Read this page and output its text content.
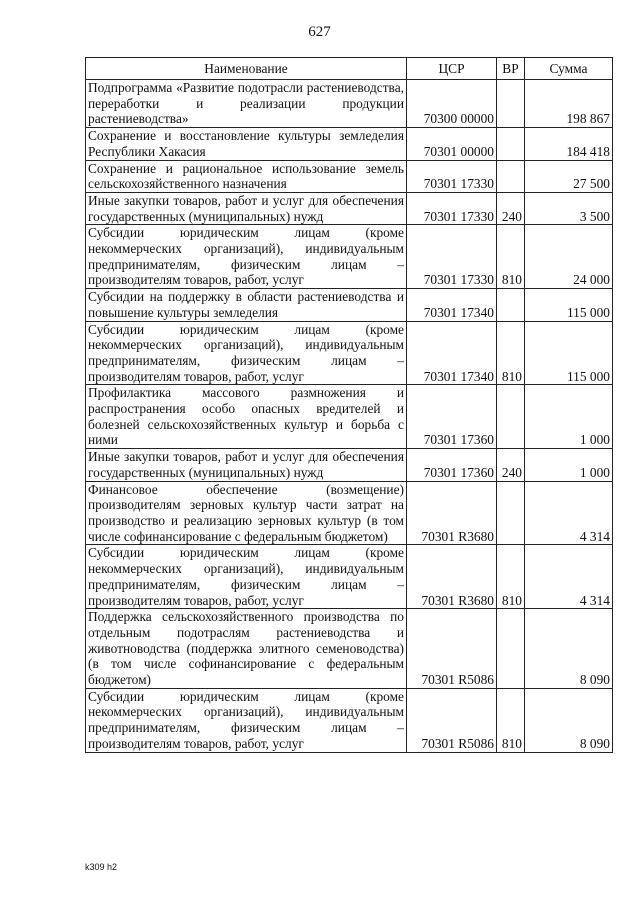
627
Наименование	ЦСР	ВР	Сумма
Подпрограмма «Развитие подотрасли растениеводства, переработки и реализации продукции растениеводства»	70300 00000		198 867
Сохранение и восстановление культуры земледелия Республики Хакасия	70301 00000		184 418
Сохранение и рациональное использование земель сельскохозяйственного назначения	70301 17330		27 500
Иные закупки товаров, работ и услуг для обеспечения государственных (муниципальных) нужд	70301 17330	240	3 500
Субсидии юридическим лицам (кроме некоммерческих организаций), индивидуальным предпринимателям, физическим лицам – производителям товаров, работ, услуг	70301 17330	810	24 000
Субсидии на поддержку в области растениеводства и повышение культуры земледелия	70301 17340		115 000
Субсидии юридическим лицам (кроме некоммерческих организаций), индивидуальным предпринимателям, физическим лицам – производителям товаров, работ, услуг	70301 17340	810	115 000
Профилактика массового размножения и распространения особо опасных вредителей и болезней сельскохозяйственных культур и борьба с ними	70301 17360		1 000
Иные закупки товаров, работ и услуг для обеспечения государственных (муниципальных) нужд	70301 17360	240	1 000
Финансовое обеспечение (возмещение) производителям зерновых культур части затрат на производство и реализацию зерновых культур (в том числе софинансирование с федеральным бюджетом)	70301 R3680		4 314
Субсидии юридическим лицам (кроме некоммерческих организаций), индивидуальным предпринимателям, физическим лицам – производителям товаров, работ, услуг	70301 R3680	810	4 314
Поддержка сельскохозяйственного производства по отдельным подотраслям растениеводства и животноводства (поддержка элитного семеноводства) (в том числе софинансирование с федеральным бюджетом)	70301 R5086		8 090
Субсидии юридическим лицам (кроме некоммерческих организаций), индивидуальным предпринимателям, физическим лицам – производителям товаров, работ, услуг	70301 R5086	810	8 090
k309 h2
